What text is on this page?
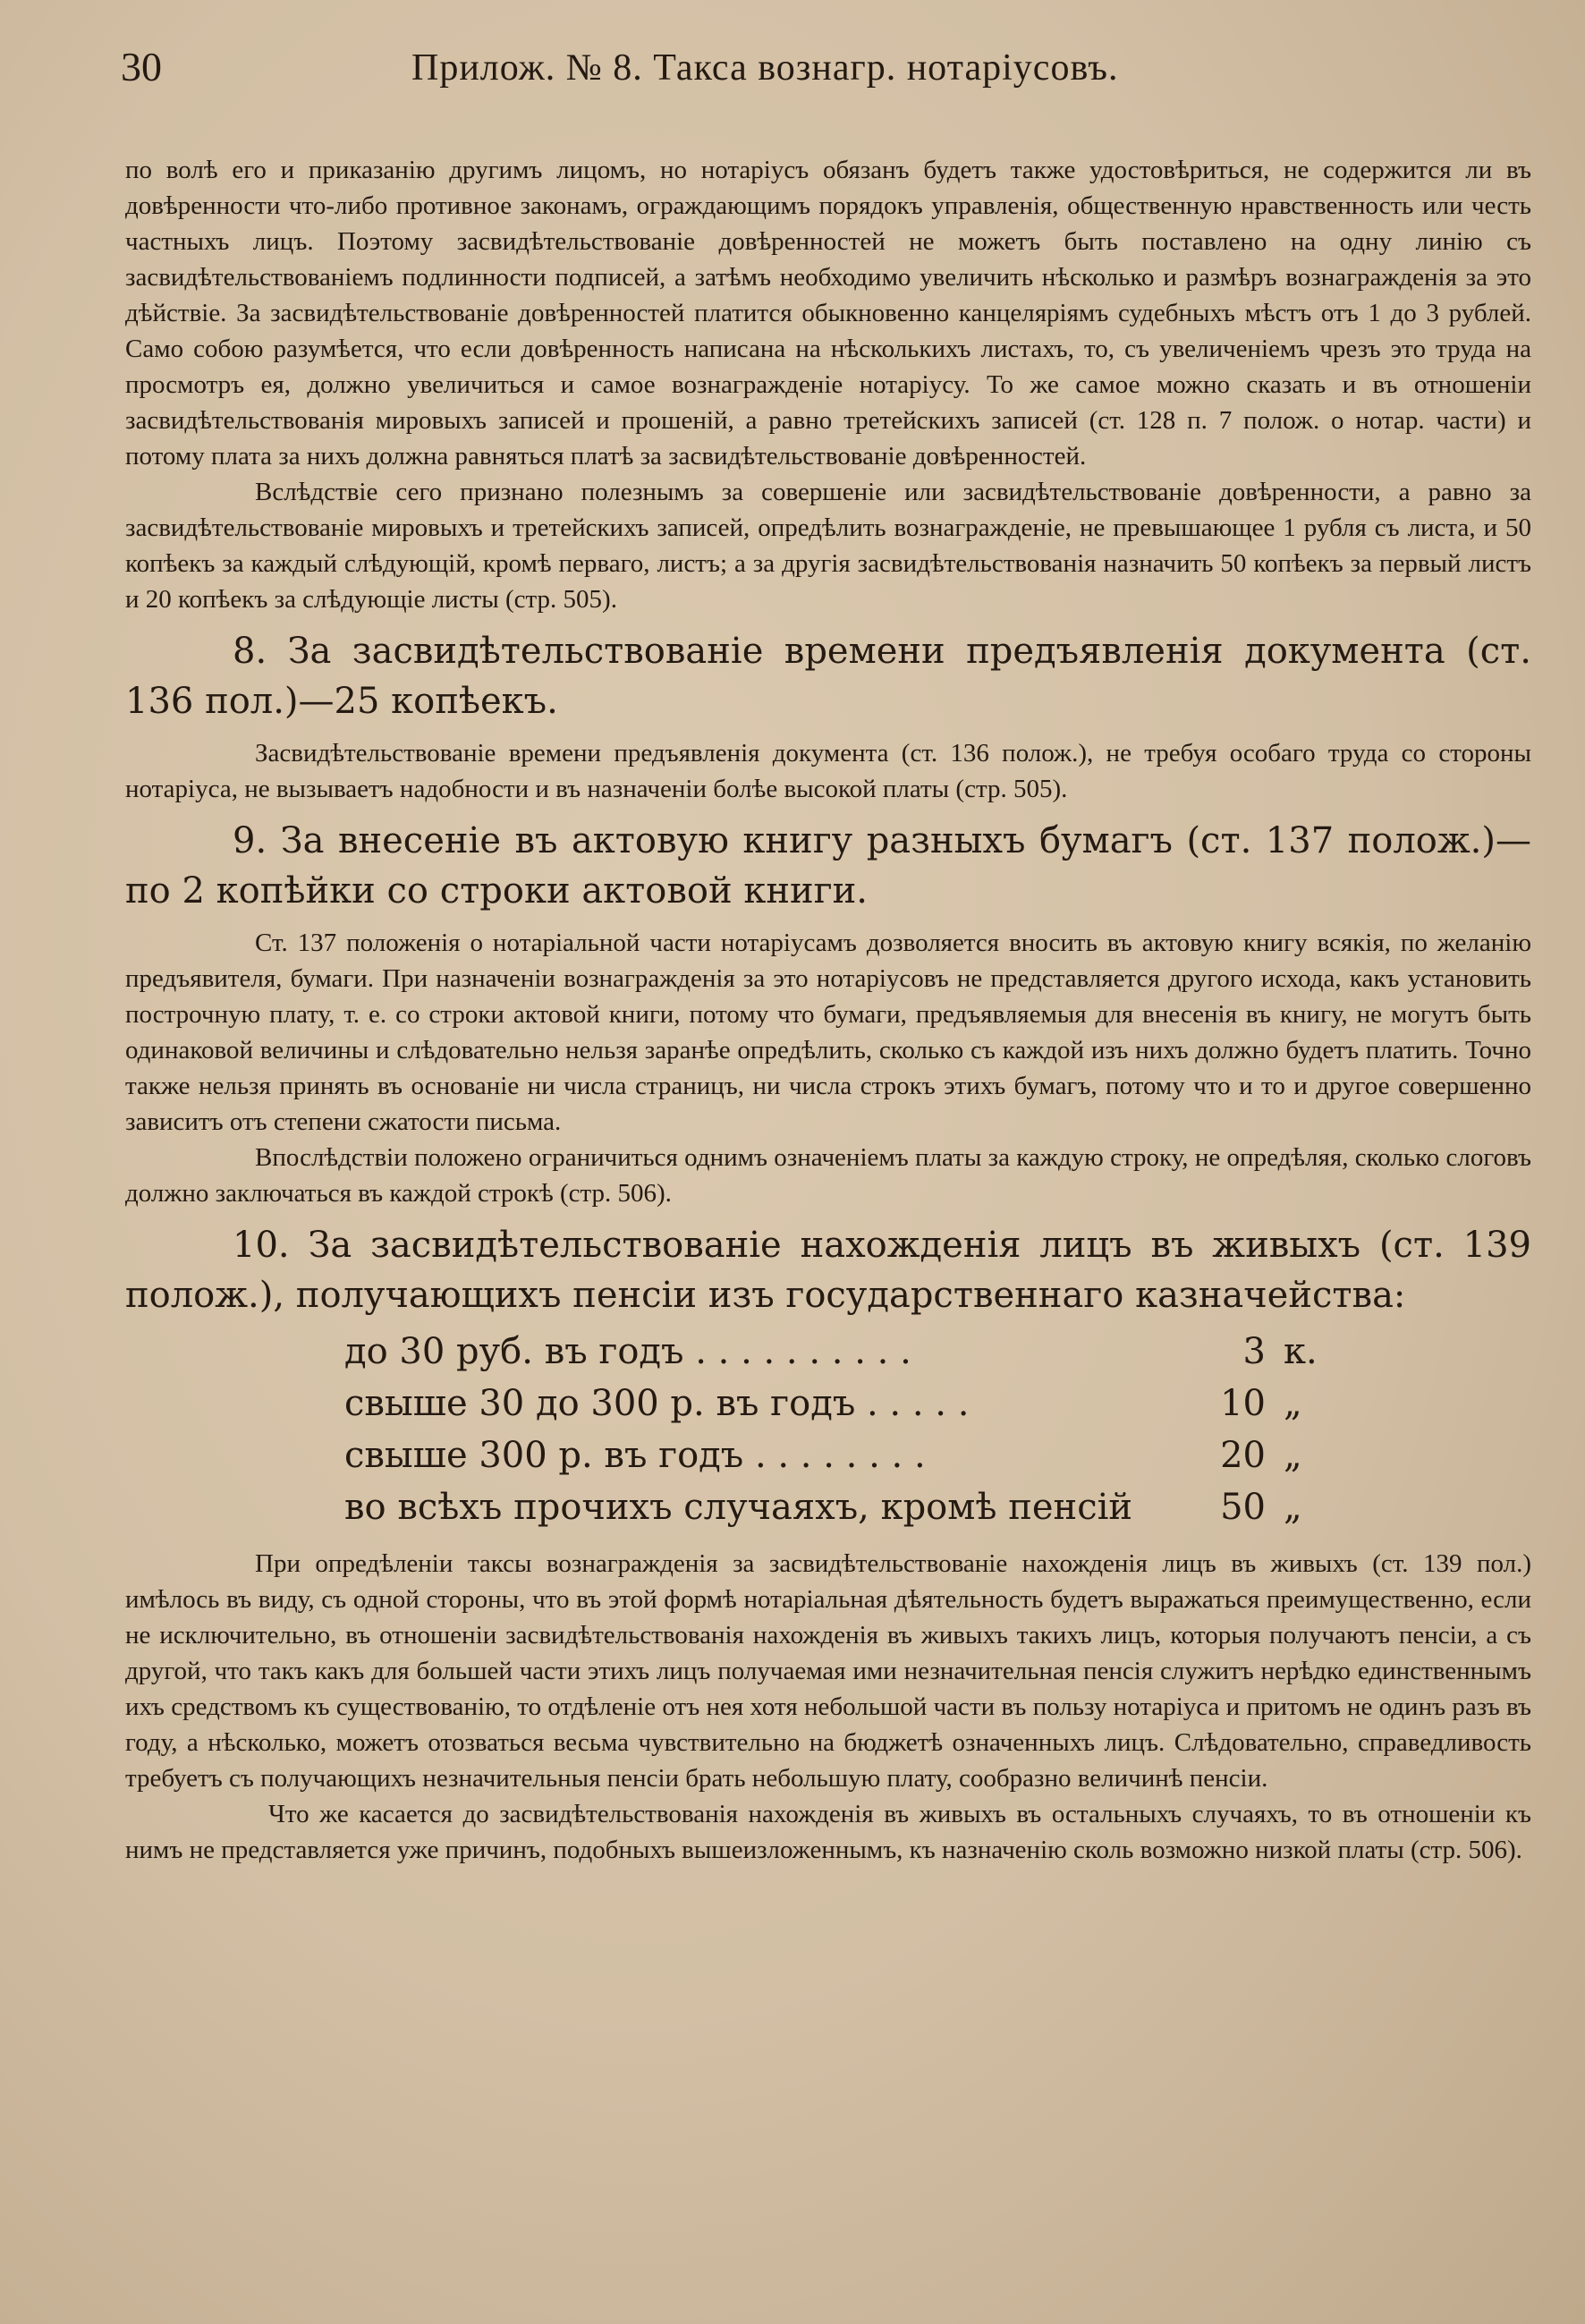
30	Прилож. № 8. Такса вознагр. нотаріусовъ.

по волѣ его и приказанію другимъ лицомъ, но нотаріусъ обязанъ будетъ также удостовѣриться, не содержится ли въ довѣренности что-либо противное законамъ, ограждающимъ порядокъ управленія, общественную нравственность или честь частныхъ лицъ. Поэтому засвидѣтельствованіе довѣренностей не можетъ быть поставлено на одну линію съ засвидѣтельствованіемъ подлинности подписей, а затѣмъ необходимо увеличить нѣсколько и размѣръ вознагражденія за это дѣйствіе. За засвидѣтельствованіе довѣренностей платится обыкновенно канцеляріямъ судебныхъ мѣстъ отъ 1 до 3 рублей. Само собою разумѣется, что если довѣренность написана на нѣсколькихъ листахъ, то, съ увеличеніемъ чрезъ это труда на просмотръ ея, должно увеличиться и самое вознагражденіе нотаріусу. То же самое можно сказать и въ отношеніи засвидѣтельствованія мировыхъ записей и прошеній, а равно третейскихъ записей (ст. 128 п. 7 полож. о нотар. части) и потому плата за нихъ должна равняться платѣ за засвидѣтельствованіе довѣренностей.

Вслѣдствіе сего признано полезнымъ за совершеніе или засвидѣтельствованіе довѣренности, а равно за засвидѣтельствованіе мировыхъ и третейскихъ записей, опредѣлить вознагражденіе, не превышающее 1 рубля съ листа, и 50 копѣекъ за каждый слѣдующій, кромѣ перваго, листъ; а за другія засвидѣтельствованія назначить 50 копѣекъ за первый листъ и 20 копѣекъ за слѣдующіе листы (стр. 505).

8. За засвидѣтельствованіе времени предъявленія документа (ст. 136 пол.)—25 копѣекъ.

Засвидѣтельствованіе времени предъявленія документа (ст. 136 полож.), не требуя особаго труда со стороны нотаріуса, не вызываетъ надобности и въ назначеніи болѣе высокой платы (стр. 505).

9. За внесеніе въ актовую книгу разныхъ бумагъ (ст. 137 полож.)—по 2 копѣйки со строки актовой книги.

Ст. 137 положенія о нотаріальной части нотаріусамъ дозволяется вносить въ актовую книгу всякія, по желанію предъявителя, бумаги. При назначеніи вознагражденія за это нотаріусовъ не представляется другого исхода, какъ установить построчную плату, т. е. со строки актовой книги, потому что бумаги, предъявляемыя для внесенія въ книгу, не могутъ быть одинаковой величины и слѣдовательно нельзя заранѣе опредѣлить, сколько съ каждой изъ нихъ должно будетъ платить. Точно также нельзя принять въ основаніе ни числа страницъ, ни числа строкъ этихъ бумагъ, потому что и то и другое совершенно зависитъ отъ степени сжатости письма.

Впослѣдствіи положено ограничиться однимъ означеніемъ платы за каждую строку, не опредѣляя, сколько слоговъ должно заключаться въ каждой строкѣ (стр. 506).

10. За засвидѣтельствованіе нахожденія лицъ въ живыхъ (ст. 139 полож.), получающихъ пенсіи изъ государственнаго казначейства:
до 30 руб. въ годъ . . . . . . . . . .	3 к.
свыше 30 до 300 р. въ годъ . . . . .	10 „
свыше 300 р. въ годъ . . . . . . . .	20 „
во всѣхъ прочихъ случаяхъ, кромѣ пенсій	50 „

При опредѣленіи таксы вознагражденія за засвидѣтельствованіе нахожденія лицъ въ живыхъ (ст. 139 пол.) имѣлось въ виду, съ одной стороны, что въ этой формѣ нотаріальная дѣятельность будетъ выражаться преимущественно, если не исключительно, въ отношеніи засвидѣтельствованія нахожденія въ живыхъ такихъ лицъ, которыя получаютъ пенсіи, а съ другой, что такъ какъ для большей части этихъ лицъ получаемая ими незначительная пенсія служитъ нерѣдко единственнымъ ихъ средствомъ къ существованію, то отдѣленіе отъ нея хотя небольшой части въ пользу нотаріуса и притомъ не одинъ разъ въ году, а нѣсколько, можетъ отозваться весьма чувствительно на бюджетѣ означенныхъ лицъ. Слѣдовательно, справедливость требуетъ съ получающихъ незначительныя пенсіи брать небольшую плату, сообразно величинѣ пенсіи.

Что же касается до засвидѣтельствованія нахожденія въ живыхъ въ остальныхъ случаяхъ, то въ отношеніи къ нимъ не представляется уже причинъ, подобныхъ вышеизложеннымъ, къ назначенію сколь возможно низкой платы (стр. 506).
